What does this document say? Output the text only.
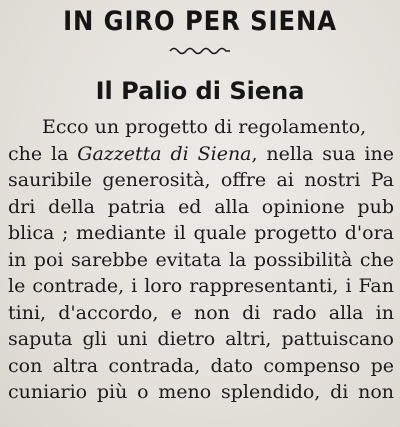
IN GIRO PER SIENA
Il Palio di Siena
Ecco un progetto di regolamento,
che la Gazzetta di Siena, nella sua ine
sauribile generosità, offre ai nostri Pa
dri della patria ed alla opinione pub
blica ; mediante il quale progetto d'ora
in poi sarebbe evitata la possibilità che
le contrade, i loro rappresentanti, i Fan
tini, d'accordo, e non di rado alla in
saputa gli uni dietro altri, pattuiscano
con altra contrada, dato compenso pe
cuniario più o meno splendido, di non
